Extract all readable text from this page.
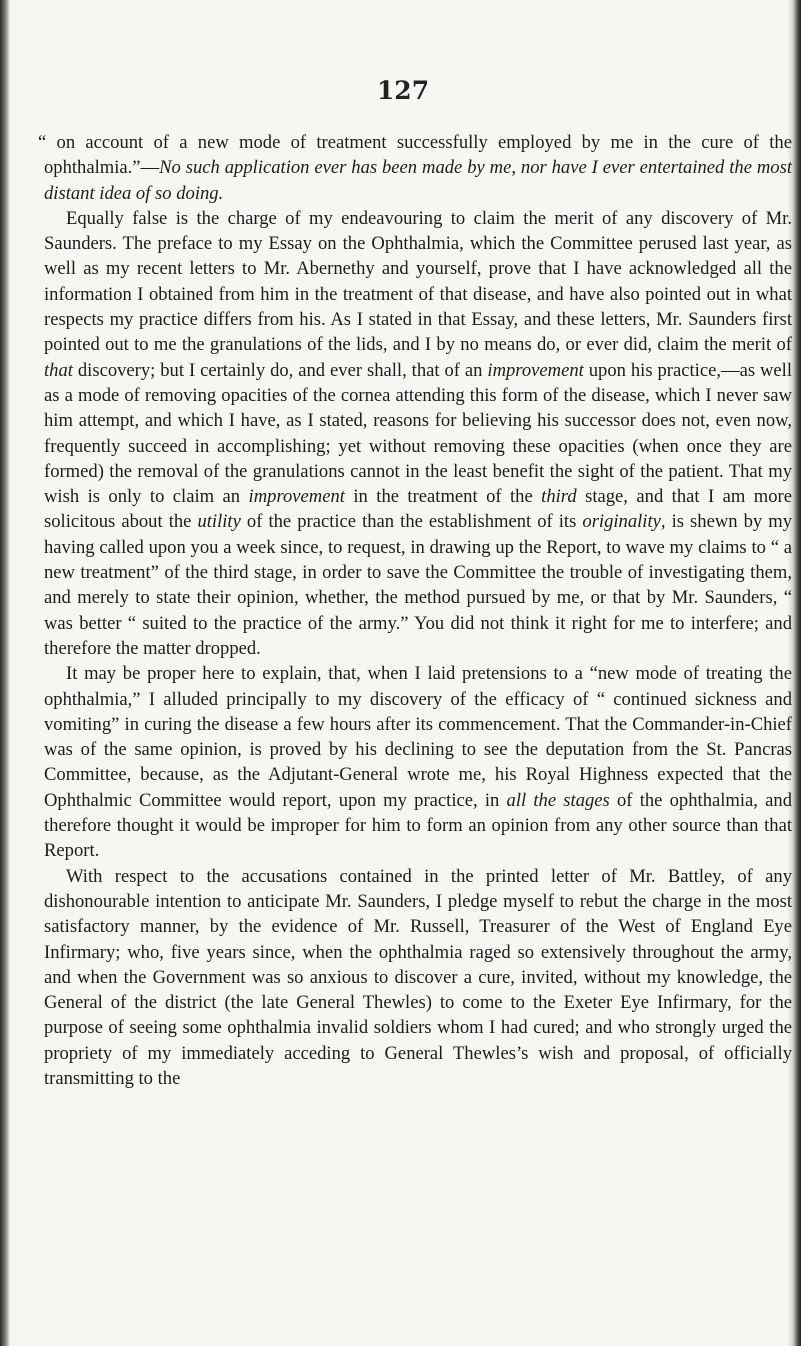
127

“ on account of a new mode of treatment successfully employed by me in the cure of the ophthalmia.”—No such application ever has been made by me, nor have I ever entertained the most distant idea of so doing.

Equally false is the charge of my endeavouring to claim the merit of any discovery of Mr. Saunders. The preface to my Essay on the Ophthalmia, which the Committee perused last year, as well as my recent letters to Mr. Abernethy and yourself, prove that I have acknowledged all the information I obtained from him in the treatment of that disease, and have also pointed out in what respects my practice differs from his. As I stated in that Essay, and these letters, Mr. Saunders first pointed out to me the granulations of the lids, and I by no means do, or ever did, claim the merit of that discovery; but I certainly do, and ever shall, that of an improvement upon his practice,—as well as a mode of removing opacities of the cornea attending this form of the disease, which I never saw him attempt, and which I have, as I stated, reasons for believing his successor does not, even now, frequently succeed in accomplishing; yet without removing these opacities (when once they are formed) the removal of the granulations cannot in the least benefit the sight of the patient. That my wish is only to claim an improvement in the treatment of the third stage, and that I am more solicitous about the utility of the practice than the establishment of its originality, is shewn by my having called upon you a week since, to request, in drawing up the Report, to wave my claims to “ a new treatment” of the third stage, in order to save the Committee the trouble of investigating them, and merely to state their opinion, whether, the method pursued by me, or that by Mr. Saunders, “ was better “ suited to the practice of the army.” You did not think it right for me to interfere; and therefore the matter dropped.

It may be proper here to explain, that, when I laid pretensions to a “new mode of treating the ophthalmia,” I alluded principally to my discovery of the efficacy of “ continued sickness and vomiting” in curing the disease a few hours after its commencement. That the Commander-in-Chief was of the same opinion, is proved by his declining to see the deputation from the St. Pancras Committee, because, as the Adjutant-General wrote me, his Royal Highness expected that the Ophthalmic Committee would report, upon my practice, in all the stages of the ophthalmia, and therefore thought it would be improper for him to form an opinion from any other source than that Report.

With respect to the accusations contained in the printed letter of Mr. Battley, of any dishonourable intention to anticipate Mr. Saunders, I pledge myself to rebut the charge in the most satisfactory manner, by the evidence of Mr. Russell, Treasurer of the West of England Eye Infirmary; who, five years since, when the ophthalmia raged so extensively throughout the army, and when the Government was so anxious to discover a cure, invited, without my knowledge, the General of the district (the late General Thewles) to come to the Exeter Eye Infirmary, for the purpose of seeing some ophthalmia invalid soldiers whom I had cured; and who strongly urged the propriety of my immediately acceding to General Thewles’s wish and proposal, of officially transmitting to the
